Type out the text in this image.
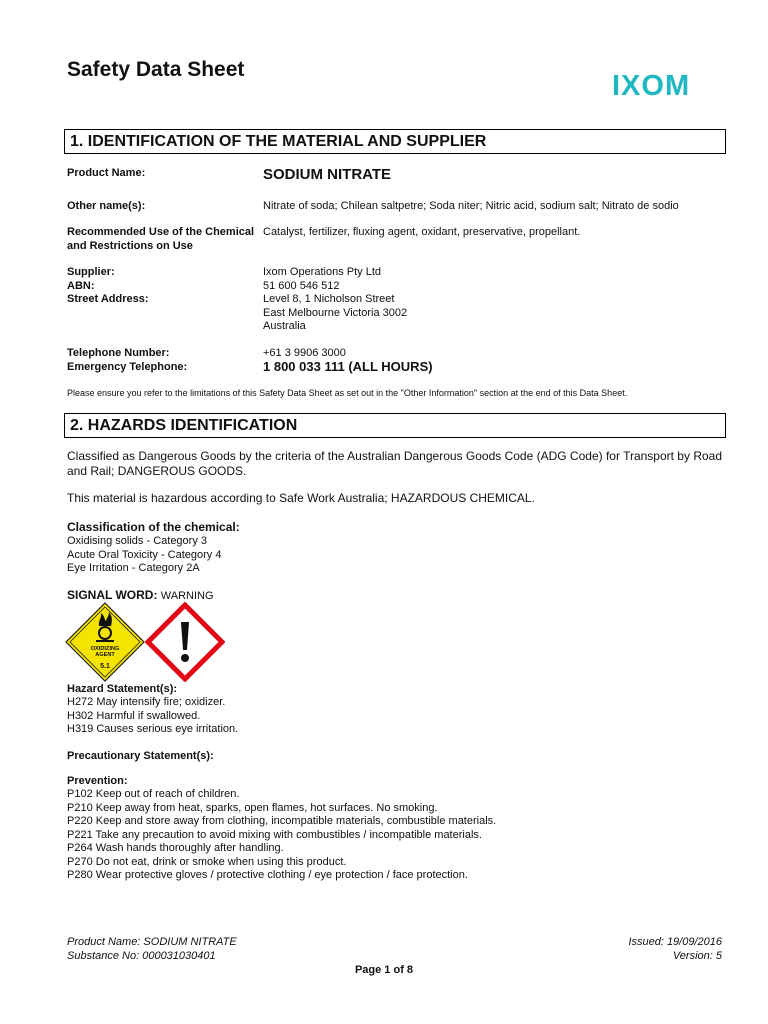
Safety Data Sheet
IXOM
1. IDENTIFICATION OF THE MATERIAL AND SUPPLIER
Product Name:	SODIUM NITRATE
Other name(s):	Nitrate of soda; Chilean saltpetre; Soda niter; Nitric acid, sodium salt; Nitrato de sodio
Recommended Use of the Chemical
and Restrictions on Use
Catalyst, fertilizer, fluxing agent, oxidant, preservative, propellant.
Supplier:
ABN:
Street Address:
Ixom Operations Pty Ltd
51 600 546 512
Level 8, 1 Nicholson Street
East Melbourne Victoria 3002
Australia
Telephone Number:
Emergency Telephone:
+61 3 9906 3000
1 800 033 111 (ALL HOURS)
Please ensure you refer to the limitations of this Safety Data Sheet as set out in the "Other Information" section at the end of this Data Sheet.
2. HAZARDS IDENTIFICATION
Classified as Dangerous Goods by the criteria of the Australian Dangerous Goods Code (ADG Code) for Transport by Road and Rail; DANGEROUS GOODS.
This material is hazardous according to Safe Work Australia; HAZARDOUS CHEMICAL.
Classification of the chemical:
Oxidising solids - Category 3
Acute Oral Toxicity - Category 4
Eye Irritation - Category 2A
SIGNAL WORD: WARNING
OXIDIZING
AGENT
5.1
Hazard Statement(s):
H272 May intensify fire; oxidizer.
H302 Harmful if swallowed.
H319 Causes serious eye irritation.
Precautionary Statement(s):
Prevention:
P102 Keep out of reach of children.
P210 Keep away from heat, sparks, open flames, hot surfaces. No smoking.
P220 Keep and store away from clothing, incompatible materials, combustible materials.
P221 Take any precaution to avoid mixing with combustibles / incompatible materials.
P264 Wash hands thoroughly after handling.
P270 Do not eat, drink or smoke when using this product.
P280 Wear protective gloves / protective clothing / eye protection / face protection.
Product Name: SODIUM NITRATE
Substance No: 000031030401
Issued: 19/09/2016
Version: 5
Page 1 of 8
